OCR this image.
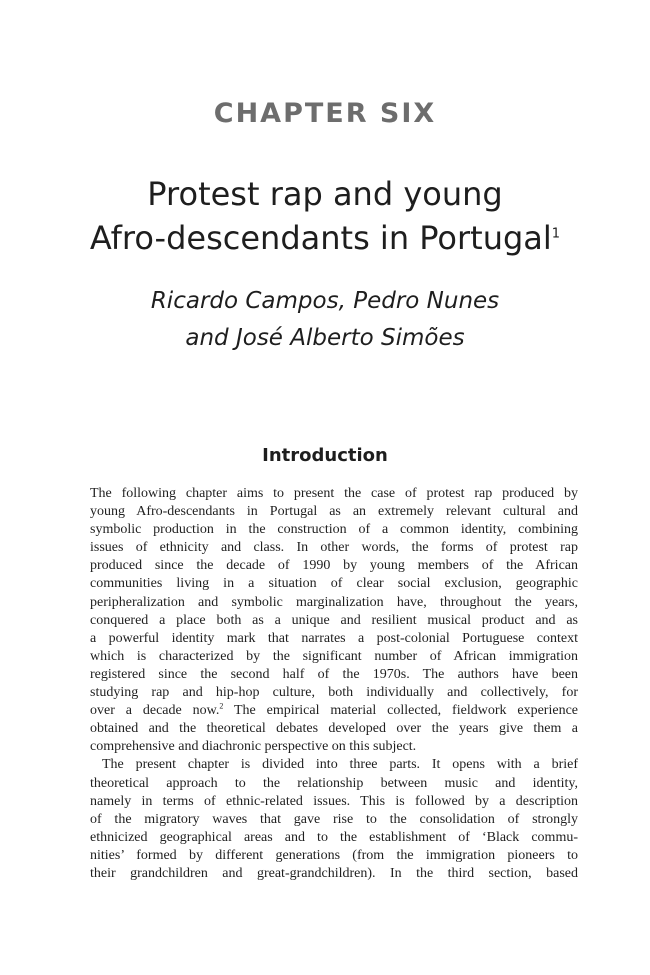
CHAPTER SIX
Protest rap and young
Afro-descendants in Portugal$^1$
Ricardo Campos, Pedro Nunes
and José Alberto Simões
Introduction
The following chapter aims to present the case of protest rap produced by
young Afro-descendants in Portugal as an extremely relevant cultural and
symbolic production in the construction of a common identity, combining
issues of ethnicity and class. In other words, the forms of protest rap
produced since the decade of 1990 by young members of the African
communities living in a situation of clear social exclusion, geographic
peripheralization and symbolic marginalization have, throughout the years,
conquered a place both as a unique and resilient musical product and as
a powerful identity mark that narrates a post-colonial Portuguese context
which is characterized by the significant number of African immigration
registered since the second half of the 1970s. The authors have been
studying rap and hip-hop culture, both individually and collectively, for
over a decade now.$^2$ The empirical material collected, fieldwork experience
obtained and the theoretical debates developed over the years give them a
comprehensive and diachronic perspective on this subject.
The present chapter is divided into three parts. It opens with a brief
theoretical approach to the relationship between music and identity,
namely in terms of ethnic-related issues. This is followed by a description
of the migratory waves that gave rise to the consolidation of strongly
ethnicized geographical areas and to the establishment of ‘Black commu-
nities’ formed by different generations (from the immigration pioneers to
their grandchildren and great-grandchildren). In the third section, based
